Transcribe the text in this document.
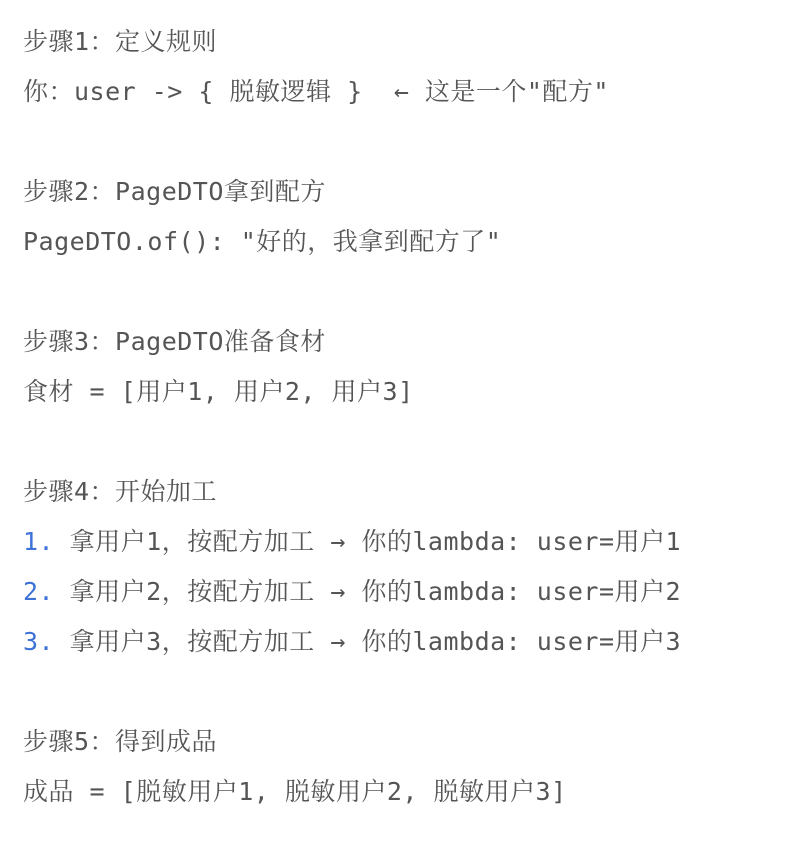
步骤1：定义规则
你：user -> { 脱敏逻辑 }  ← 这是一个"配方"
步骤2：PageDTO拿到配方
PageDTO.of(): "好的，我拿到配方了"
步骤3：PageDTO准备食材
食材 = [用户1, 用户2, 用户3]
步骤4：开始加工
1. 拿用户1，按配方加工 → 你的lambda: user=用户1
2. 拿用户2，按配方加工 → 你的lambda: user=用户2
3. 拿用户3，按配方加工 → 你的lambda: user=用户3
步骤5：得到成品
成品 = [脱敏用户1, 脱敏用户2, 脱敏用户3]
